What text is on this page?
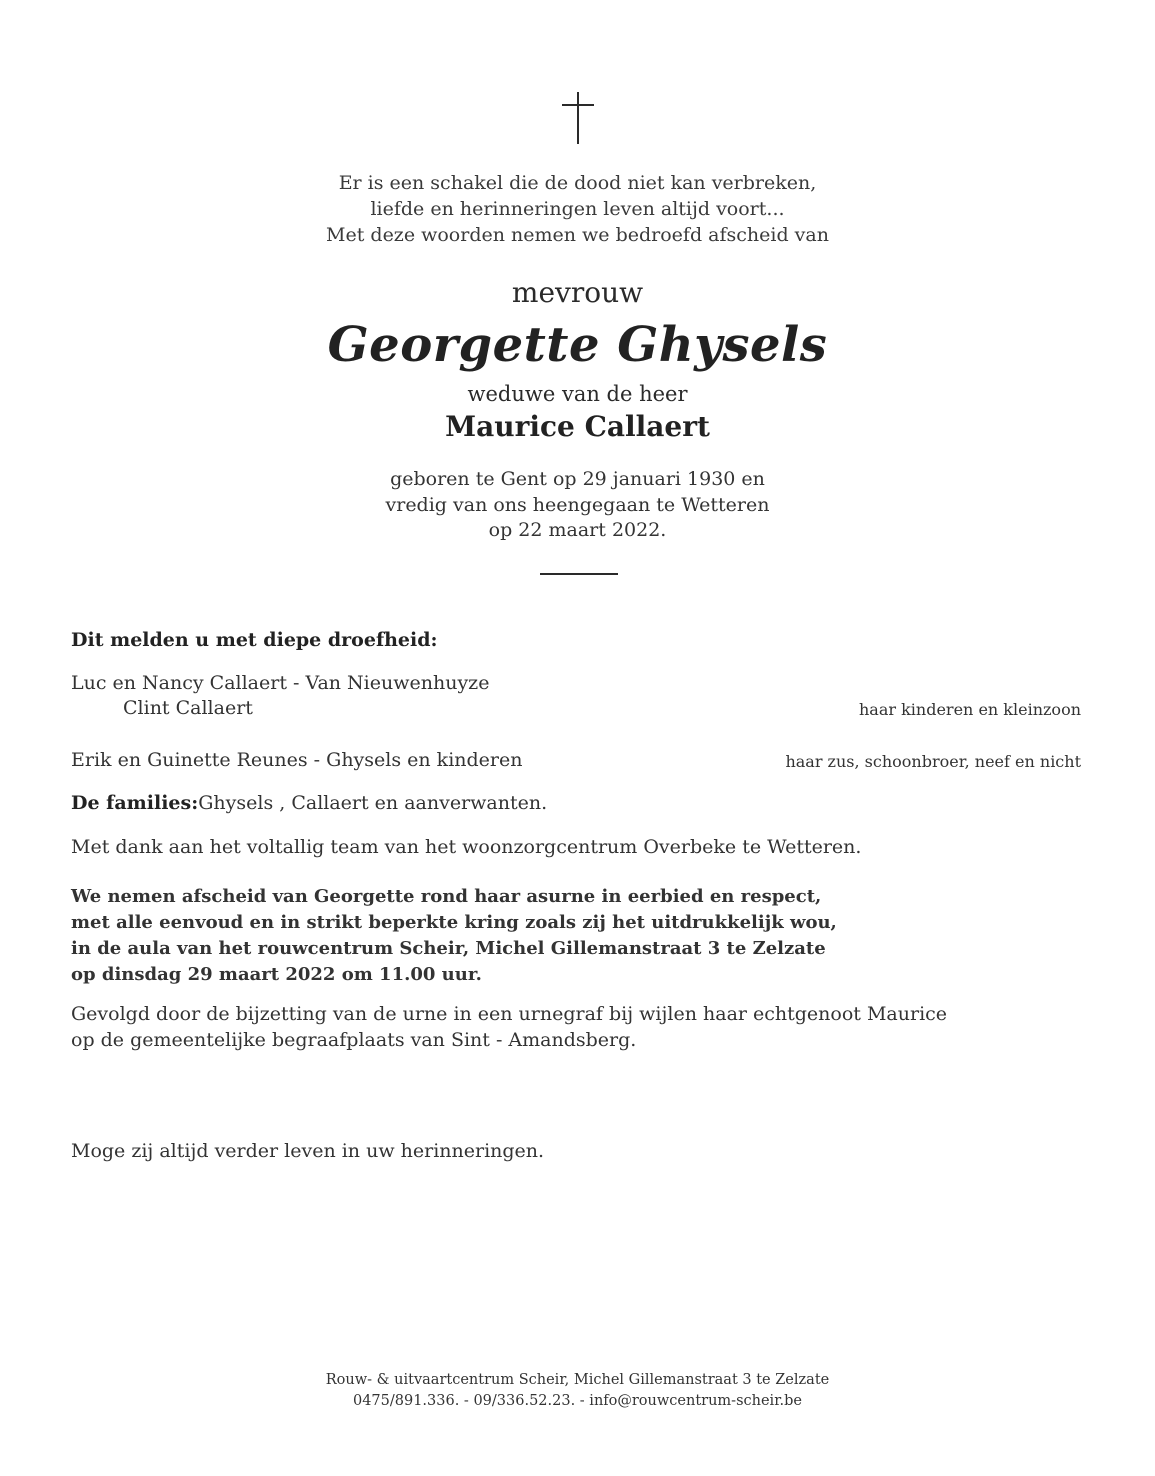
Er is een schakel die de dood niet kan verbreken,
liefde en herinneringen leven altijd voort...
Met deze woorden nemen we bedroefd afscheid van
mevrouw
Georgette Ghysels
weduwe van de heer
Maurice Callaert
geboren te Gent op 29 januari 1930 en
vredig van ons heengegaan te Wetteren
op 22 maart 2022.
Dit melden u met diepe droefheid:
Luc en Nancy Callaert - Van Nieuwenhuyze
Clint Callaert	haar kinderen en kleinzoon
Erik en Guinette Reunes - Ghysels en kinderen	haar zus, schoonbroer, neef en nicht
De families:Ghysels , Callaert en aanverwanten.
Met dank aan het voltallig team van het woonzorgcentrum Overbeke te Wetteren.
We nemen afscheid van Georgette rond haar asurne in eerbied en respect,
met alle eenvoud en in strikt beperkte kring zoals zij het uitdrukkelijk wou,
in de aula van het rouwcentrum Scheir, Michel Gillemanstraat 3 te Zelzate
op dinsdag 29 maart 2022 om 11.00 uur.
Gevolgd door de bijzetting van de urne in een urnegraf bij wijlen haar echtgenoot Maurice
op de gemeentelijke begraafplaats van Sint - Amandsberg.
Moge zij altijd verder leven in uw herinneringen.
Rouw- & uitvaartcentrum Scheir, Michel Gillemanstraat 3 te Zelzate
0475/891.336. - 09/336.52.23. - info@rouwcentrum-scheir.be
